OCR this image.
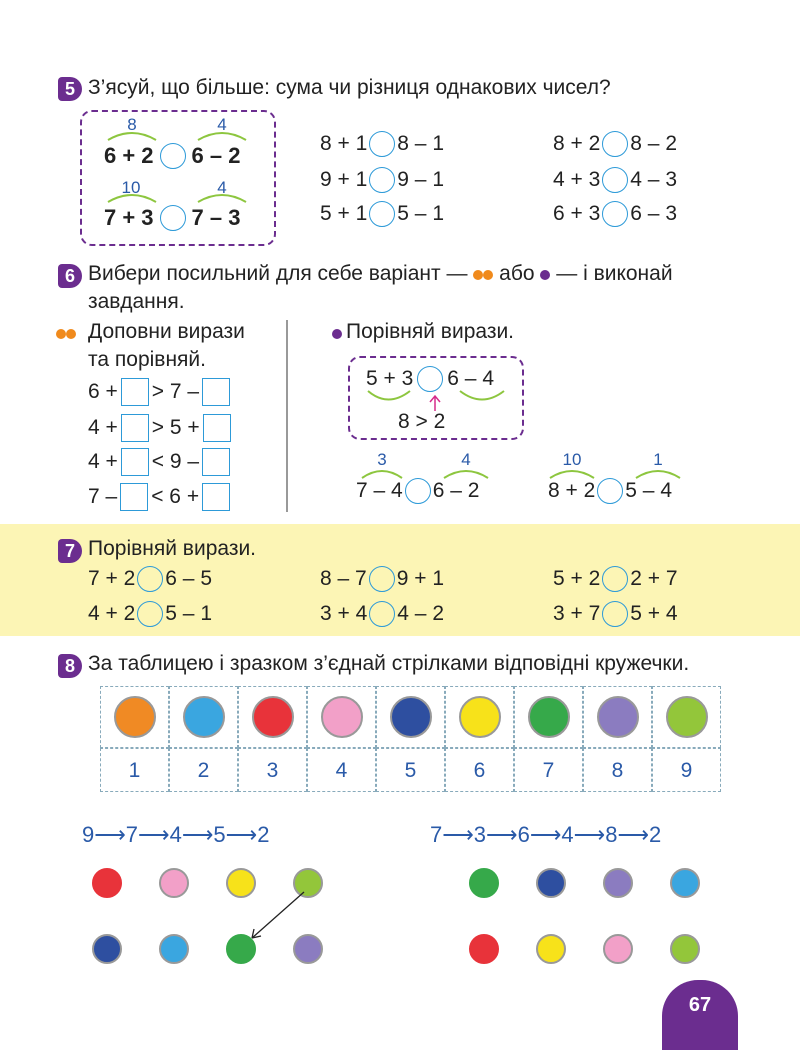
5 З’ясуй, що більше: сума чи різниця однакових чисел?
8	4
6 + 2 6 – 2
10	4
7 + 3 7 – 3
8 + 1 8 – 1
9 + 1 9 – 1
5 + 1 5 – 1
8 + 2 8 – 2
4 + 3 4 – 3
6 + 3 6 – 3
6 Вибери посильний для себе варіант — або — і виконай
завдання.
Доповни вирази
та порівняй.
6 + > 7 –
4 + > 5 +
4 + < 9 –
7 – < 6 +
Порівняй вирази.
5 + 3 6 – 4
8 > 2
3	4
7 – 4 6 – 2
10	1
8 + 2 5 – 4
7 Порівняй вирази.
7 + 2 6 – 5	8 – 7 9 + 1	5 + 2 2 + 7
4 + 2 5 – 1	3 + 4 4 – 2	3 + 7 5 + 4
8 За таблицею і зразком з’єднай стрілками відповідні кружечки.
1	2	3	4	5	6	7	8	9
9⟶7⟶4⟶5⟶2	7⟶3⟶6⟶4⟶8⟶2
67
